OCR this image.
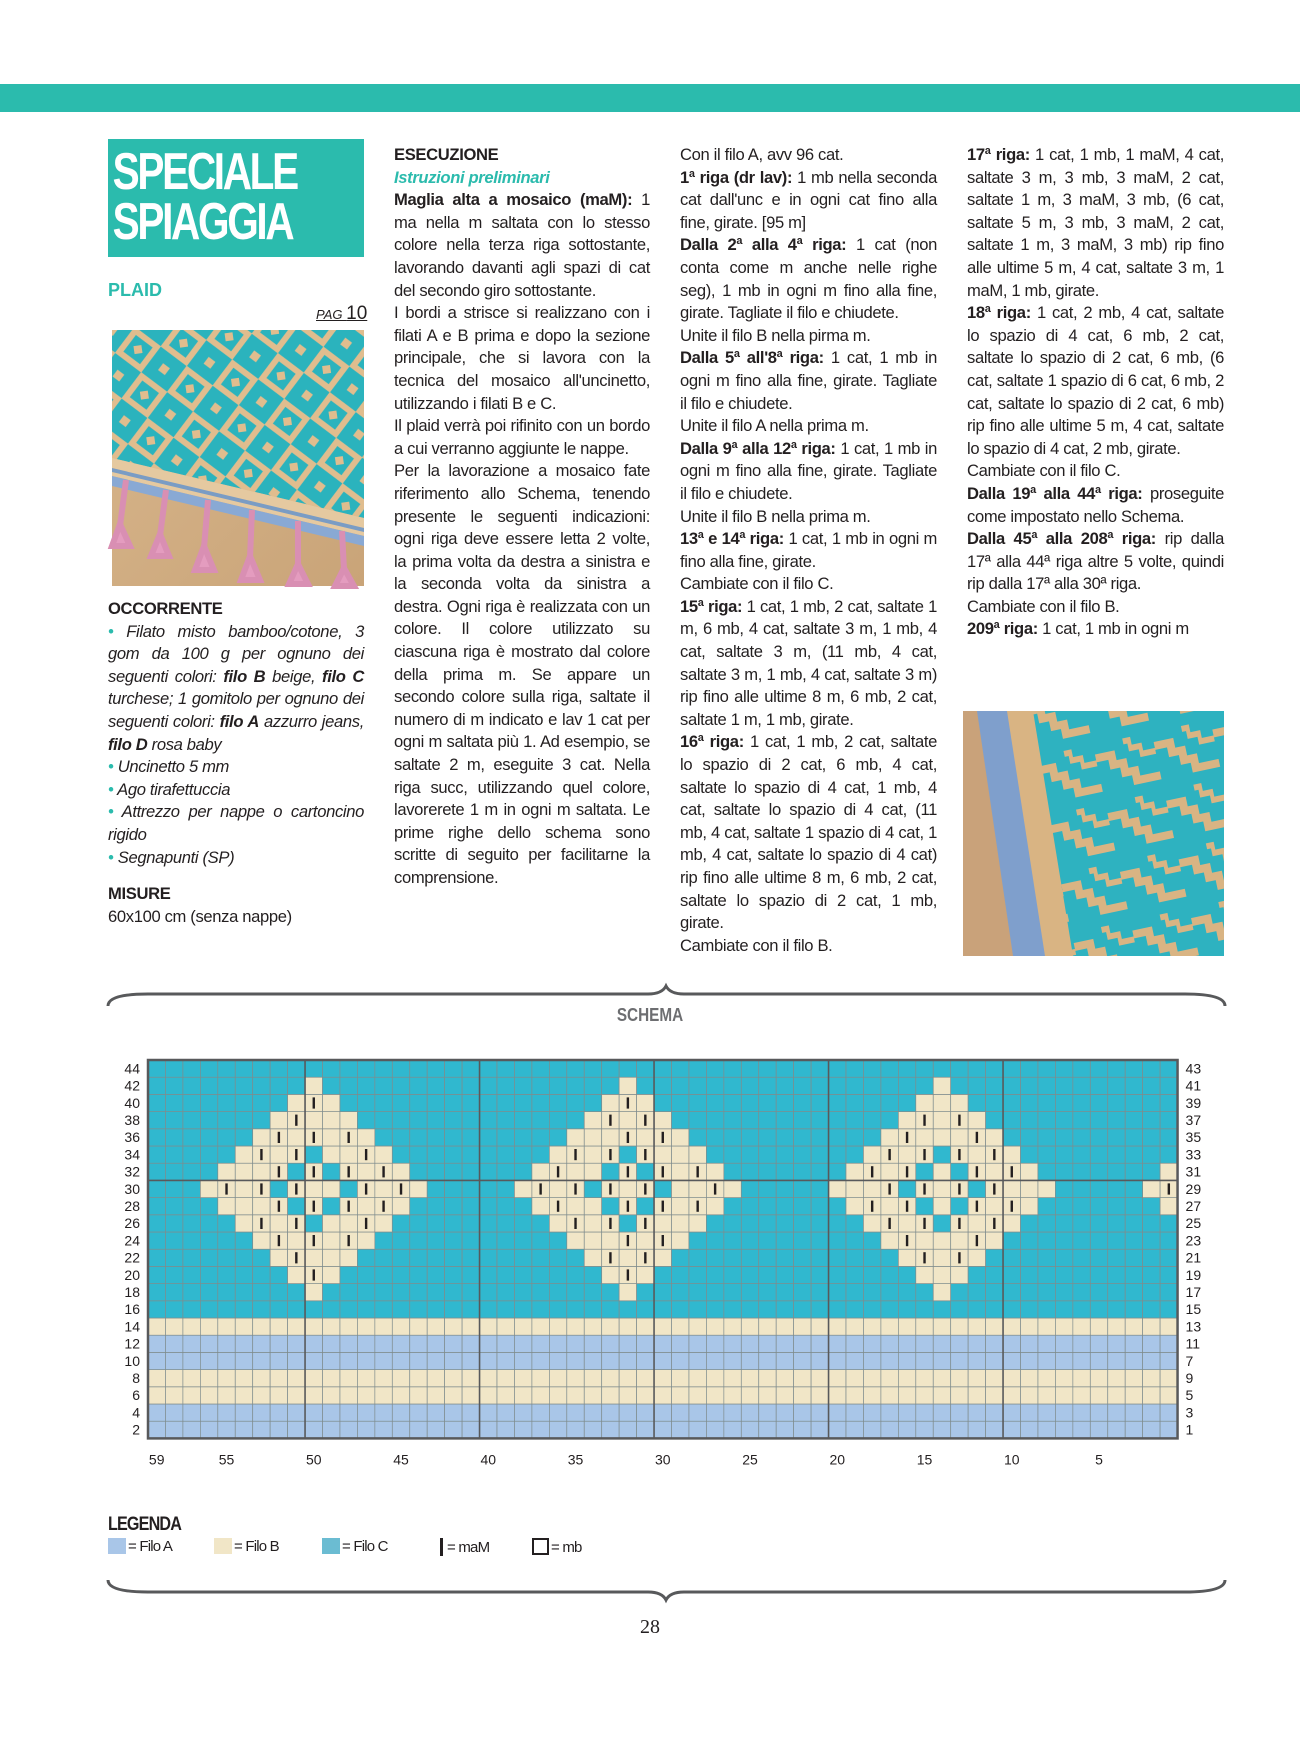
SPECIALE
SPIAGGIA
PLAID
PAG 10

OCCORRENTE

• Filato misto bamboo/cotone, 3 gom da 100 g per ognuno dei seguenti colori: filo B beige, filo C turchese; 1 gomitolo per ognuno dei seguenti colori: filo A azzurro jeans, filo D rosa baby

• Uncinetto 5 mm

• Ago tirafettuccia

• Attrezzo per nappe o cartoncino rigido

• Segnapunti (SP)

MISURE

60x100 cm (senza nappe)

ESECUZIONE

Istruzioni preliminari

Maglia alta a mosaico (maM): 1 ma nella m saltata con lo stesso colore nella terza riga sottostante, lavorando davanti agli spazi di cat del secondo giro sottostante.

I bordi a strisce si realizzano con i filati A e B prima e dopo la sezione principale, che si lavora con la tecnica del mosaico all'uncinetto, utilizzando i filati B e C.

Il plaid verrà poi rifinito con un bordo a cui verranno aggiunte le nappe.

Per la lavorazione a mosaico fate riferimento allo Schema, tenendo presente le seguenti indicazioni: ogni riga deve essere letta 2 volte, la prima volta da destra a sinistra e la seconda volta da sinistra a destra. Ogni riga è realizzata con un colore. Il colore utilizzato su ciascuna riga è mostrato dal colore della prima m. Se appare un secondo colore sulla riga, saltate il numero di m indicato e lav 1 cat per ogni m saltata più 1. Ad esempio, se saltate 2 m, eseguite 3 cat. Nella riga succ, utilizzando quel colore, lavorerete 1 m in ogni m saltata. Le prime righe dello schema sono scritte di seguito per facilitarne la comprensione.

Con il filo A, avv 96 cat.

1ª riga (dr lav): 1 mb nella seconda cat dall'unc e in ogni cat fino alla fine, girate. [95 m]

Dalla 2ª alla 4ª riga: 1 cat (non conta come m anche nelle righe seg), 1 mb in ogni m fino alla fine, girate. Tagliate il filo e chiudete.

Unite il filo B nella pirma m.

Dalla 5ª all'8ª riga: 1 cat, 1 mb in ogni m fino alla fine, girate. Tagliate il filo e chiudete.

Unite il filo A nella prima m.

Dalla 9ª alla 12ª riga: 1 cat, 1 mb in ogni m fino alla fine, girate. Tagliate il filo e chiudete.

Unite il filo B nella prima m.

13ª e 14ª riga: 1 cat, 1 mb in ogni m fino alla fine, girate.

Cambiate con il filo C.

15ª riga: 1 cat, 1 mb, 2 cat, saltate 1 m, 6 mb, 4 cat, saltate 3 m, 1 mb, 4 cat, saltate 3 m, (11 mb, 4 cat, saltate 3 m, 1 mb, 4 cat, saltate 3 m) rip fino alle ultime 8 m, 6 mb, 2 cat, saltate 1 m, 1 mb, girate.

16ª riga: 1 cat, 1 mb, 2 cat, saltate lo spazio di 2 cat, 6 mb, 4 cat, saltate lo spazio di 4 cat, 1 mb, 4 cat, saltate lo spazio di 4 cat, (11 mb, 4 cat, saltate 1 spazio di 4 cat, 1 mb, 4 cat, saltate lo spazio di 4 cat) rip fino alle ultime 8 m, 6 mb, 2 cat, saltate lo spazio di 2 cat, 1 mb, girate.

Cambiate con il filo B.

17ª riga: 1 cat, 1 mb, 1 maM, 4 cat, saltate 3 m, 3 mb, 3 maM, 2 cat, saltate 1 m, 3 maM, 3 mb, (6 cat, saltate 5 m, 3 mb, 3 maM, 2 cat, saltate 1 m, 3 maM, 3 mb) rip fino alle ultime 5 m, 4 cat, saltate 3 m, 1 maM, 1 mb, girate.

18ª riga: 1 cat, 2 mb, 4 cat, saltate lo spazio di 4 cat, 6 mb, 2 cat, saltate lo spazio di 2 cat, 6 mb, (6 cat, saltate 1 spazio di 6 cat, 6 mb, 2 cat, saltate lo spazio di 2 cat, 6 mb) rip fino alle ultime 5 m, 4 cat, saltate lo spazio di 4 cat, 2 mb, girate.

Cambiate con il filo C.

Dalla 19ª alla 44ª riga: proseguite come impostato nello Schema.

Dalla 45ª alla 208ª riga: rip dalla 17ª alla 44ª riga altre 5 volte, quindi rip dalla 17ª alla 30ª riga.

Cambiate con il filo B.

209ª riga: 1 cat, 1 mb in ogni m

SCHEMA
44
42
40
38
36
34
32
30
28
26
24
22
20
18
16
14
12
10
8
6
4
2
43
41
39
37
35
33
31
29
27
25
23
21
19
17
15
13
11
7
9
5
3
1
59	55	50	45	40	35	30	25	20	15	10	5
LEGENDA
= Filo A	= Filo B	= Filo C	= maM	= mb
28
